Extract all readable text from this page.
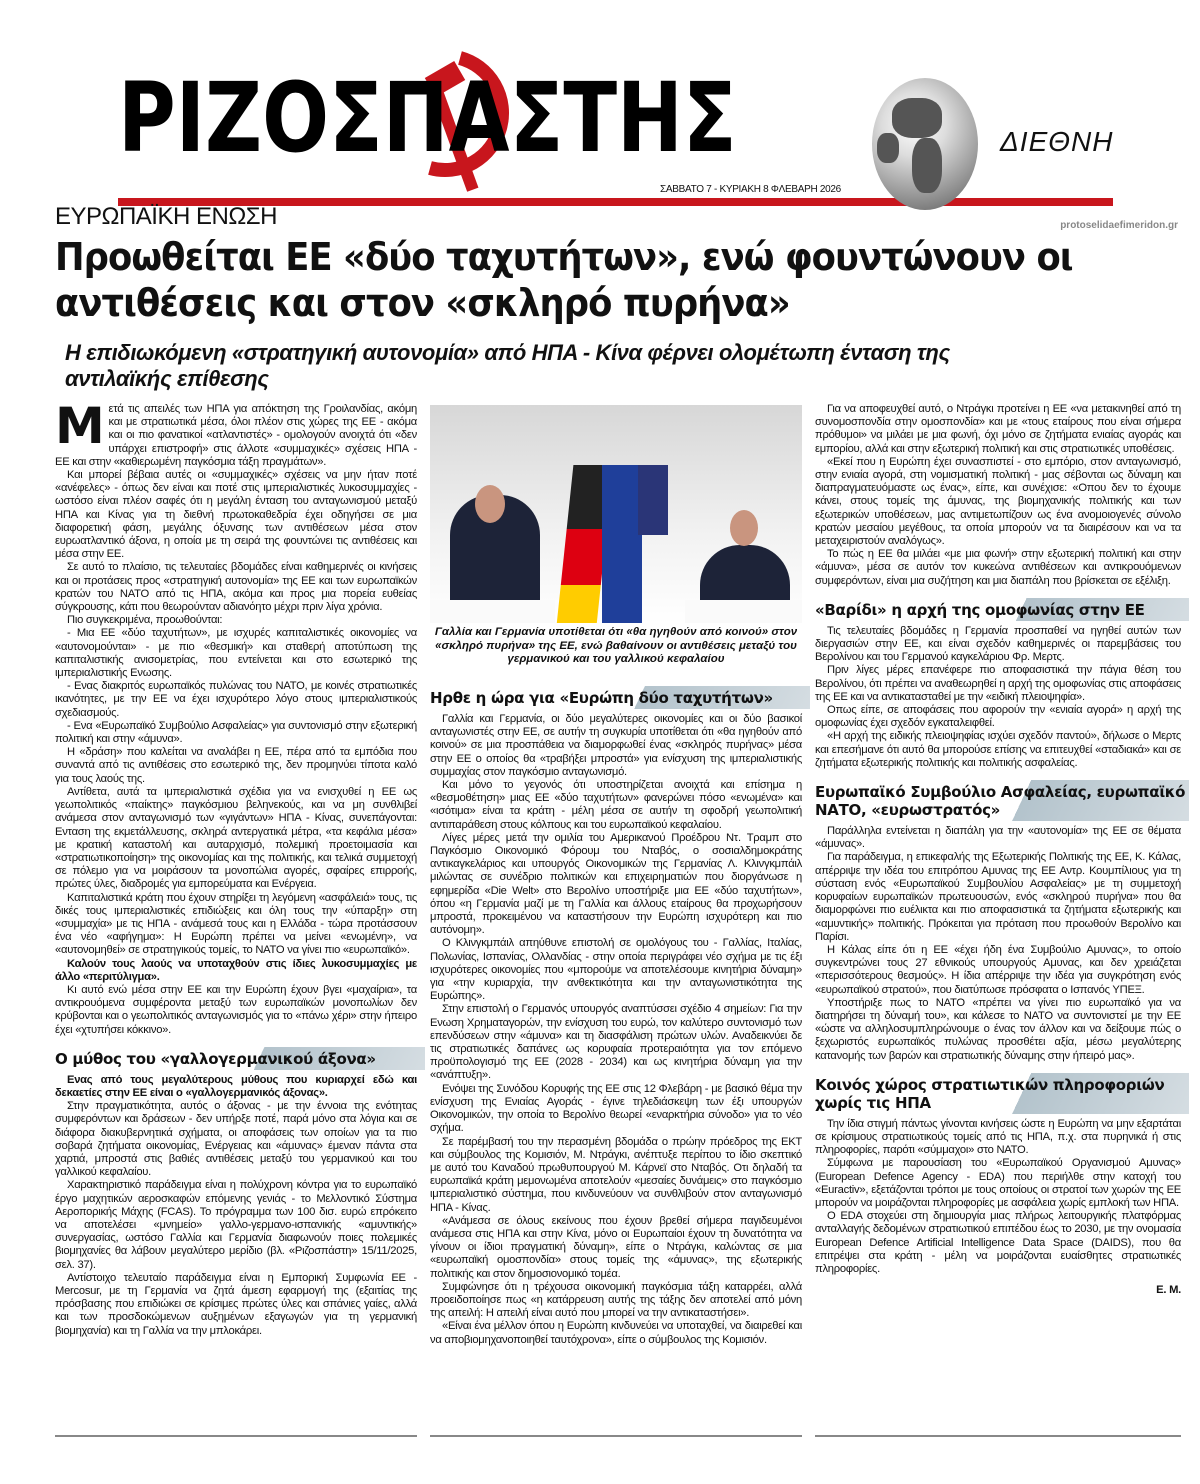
ΡΙΖΟΣΠΑΣΤΗΣ
ΣΑΒΒΑΤΟ 7 - ΚΥΡΙΑΚΗ 8 ΦΛΕΒΑΡΗ 2026
ΔΙΕΘΝΗ
ΕΥΡΩΠΑΪΚΗ ΕΝΩΣΗ
Προωθείται ΕΕ «δύο ταχυτήτων», ενώ φουντώνουν οι αντιθέσεις και στον «σκληρό πυρήνα»
protoselidaefimeridon.gr
Η επιδιωκόμενη «στρατηγική αυτονομία» από ΗΠΑ - Κίνα φέρνει ολομέτωπη ένταση της αντιλαϊκής επίθεσης
Γαλλία και Γερμανία υποτίθεται ότι «θα ηγηθούν από κοινού» στον «σκληρό πυρήνα» της ΕΕ, ενώ βαθαίνουν οι αντιθέσεις μεταξύ του γερμανικού και του γαλλικού κεφαλαίου

Μετά τις απειλές των ΗΠΑ για απόκτηση της Γροιλανδίας, ακόμη και με στρατιωτικά μέσα, όλοι πλέον στις χώρες της ΕΕ - ακόμα και οι πιο φανατικοί «ατλαντιστές» - ομολογούν ανοιχτά ότι «δεν υπάρχει επιστροφή» στις άλλοτε «συμμαχικές» σχέσεις ΗΠΑ - ΕΕ και στην «καθιερωμένη παγκόσμια τάξη πραγμάτων».

Και μπορεί βέβαια αυτές οι «συμμαχικές» σχέσεις να μην ήταν ποτέ «ανέφελες» - όπως δεν είναι και ποτέ στις ιμπεριαλιστικές λυκοσυμμαχίες - ωστόσο είναι πλέον σαφές ότι η μεγάλη ένταση του ανταγωνισμού μεταξύ ΗΠΑ και Κίνας για τη διεθνή πρωτοκαθεδρία έχει οδηγήσει σε μια διαφορετική φάση, μεγάλης όξυνσης των αντιθέσεων μέσα στον ευρωατλαντικό άξονα, η οποία με τη σειρά της φουντώνει τις αντιθέσεις και μέσα στην ΕΕ.

Σε αυτό το πλαίσιο, τις τελευταίες βδομάδες είναι καθημερινές οι κινήσεις και οι προτάσεις προς «στρατηγική αυτονομία» της ΕΕ και των ευρωπαϊκών κρατών του ΝΑΤΟ από τις ΗΠΑ, ακόμα και προς μια πορεία ευθείας σύγκρουσης, κάτι που θεωρούνταν αδιανόητο μέχρι πριν λίγα χρόνια.

Πιο συγκεκριμένα, προωθούνται:

- Μια ΕΕ «δύο ταχυτήτων», με ισχυρές καπιταλιστικές οικονομίες να «αυτονομούνται» - με πιο «θεσμική» και σταθερή αποτύπωση της καπιταλιστικής ανισομετρίας, που εντείνεται και στο εσωτερικό της ιμπεριαλιστικής Ενωσης.

- Ενας διακριτός ευρωπαϊκός πυλώνας του ΝΑΤΟ, με κοινές στρατιωτικές ικανότητες, με την ΕΕ να έχει ισχυρότερο λόγο στους ιμπεριαλιστικούς σχεδιασμούς.

- Ενα «Ευρωπαϊκό Συμβούλιο Ασφαλείας» για συντονισμό στην εξωτερική πολιτική και στην «άμυνα».

Η «δράση» που καλείται να αναλάβει η ΕΕ, πέρα από τα εμπόδια που συναντά από τις αντιθέσεις στο εσωτερικό της, δεν προμηνύει τίποτα καλό για τους λαούς της.

Αντίθετα, αυτά τα ιμπεριαλιστικά σχέδια για να ενισχυθεί η ΕΕ ως γεωπολιτικός «παίκτης» παγκόσμιου βεληνεκούς, και να μη συνθλιβεί ανάμεσα στον ανταγωνισμό των «γιγάντων» ΗΠΑ - Κίνας, συνεπάγονται: Ενταση της εκμετάλλευσης, σκληρά αντεργατικά μέτρα, «τα κεφάλια μέσα» με κρατική καταστολή και αυταρχισμό, πολεμική προετοιμασία και «στρατιωτικοποίηση» της οικονομίας και της πολιτικής, και τελικά συμμετοχή σε πόλεμο για να μοιράσουν τα μονοπώλια αγορές, σφαίρες επιρροής, πρώτες ύλες, διαδρομές για εμπορεύματα και Ενέργεια.

Καπιταλιστικά κράτη που έχουν στηρίξει τη λεγόμενη «ασφάλειά» τους, τις δικές τους ιμπεριαλιστικές επιδιώξεις και όλη τους την «ύπαρξη» στη «συμμαχία» με τις ΗΠΑ - ανάμεσά τους και η Ελλάδα - τώρα προτάσσουν ένα νέο «αφήγημα»: Η Ευρώπη πρέπει να μείνει «ενωμένη», να «αυτονομηθεί» σε στρατηγικούς τομείς, το ΝΑΤΟ να γίνει πιο «ευρωπαϊκό».

Καλούν τους λαούς να υποταχθούν στις ίδιες λυκοσυμμαχίες με άλλο «περιτύλιγμα».

Κι αυτό ενώ μέσα στην ΕΕ και την Ευρώπη έχουν βγει «μαχαίρια», τα αντικρουόμενα συμφέροντα μεταξύ των ευρωπαϊκών μονοπωλίων δεν κρύβονται και ο γεωπολιτικός ανταγωνισμός για το «πάνω χέρι» στην ήπειρο έχει «χτυπήσει κόκκινο».

Ο μύθος του «γαλλογερμανικού άξονα»

Ενας από τους μεγαλύτερους μύθους που κυριαρχεί εδώ και δεκαετίες στην ΕΕ είναι ο «γαλλογερμανικός άξονας».

Στην πραγματικότητα, αυτός ο άξονας - με την έννοια της ενότητας συμφερόντων και δράσεων - δεν υπήρξε ποτέ, παρά μόνο στα λόγια και σε διάφορα διακυβερνητικά σχήματα, οι αποφάσεις των οποίων για τα πιο σοβαρά ζητήματα οικονομίας, Ενέργειας και «άμυνας» έμεναν πάντα στα χαρτιά, μπροστά στις βαθιές αντιθέσεις μεταξύ του γερμανικού και του γαλλικού κεφαλαίου.

Χαρακτηριστικό παράδειγμα είναι η πολύχρονη κόντρα για το ευρωπαϊκό έργο μαχητικών αεροσκαφών επόμενης γενιάς - το Μελλοντικό Σύστημα Αεροπορικής Μάχης (FCAS). Το πρόγραμμα των 100 δισ. ευρώ επρόκειτο να αποτελέσει «μνημείο» γαλλο-γερμανο-ισπανικής «αμυντικής» συνεργασίας, ωστόσο Γαλλία και Γερμανία διαφωνούν ποιες πολεμικές βιομηχανίες θα λάβουν μεγαλύτερο μερίδιο (βλ. «Ριζοσπάστη» 15/11/2025, σελ. 37).

Αντίστοιχο τελευταίο παράδειγμα είναι η Εμπορική Συμφωνία ΕΕ - Mercosur, με τη Γερμανία να ζητά άμεση εφαρμογή της (εξαιτίας της πρόσβασης που επιδιώκει σε κρίσιμες πρώτες ύλες και σπάνιες γαίες, αλλά και των προσδοκώμενων αυξημένων εξαγωγών για τη γερμανική βιομηχανία) και τη Γαλλία να την μπλοκάρει.

Ηρθε η ώρα για «Ευρώπη δύο ταχυτήτων»

Γαλλία και Γερμανία, οι δύο μεγαλύτερες οικονομίες και οι δύο βασικοί ανταγωνιστές στην ΕΕ, σε αυτήν τη συγκυρία υποτίθεται ότι «θα ηγηθούν από κοινού» σε μια προσπάθεια να διαμορφωθεί ένας «σκληρός πυρήνας» μέσα στην ΕΕ ο οποίος θα «τραβήξει μπροστά» για ενίσχυση της ιμπεριαλιστικής συμμαχίας στον παγκόσμιο ανταγωνισμό.

Και μόνο το γεγονός ότι υποστηρίζεται ανοιχτά και επίσημα η «θεσμοθέτηση» μιας ΕΕ «δύο ταχυτήτων» φανερώνει πόσο «ενωμένα» και «ισότιμα» είναι τα κράτη - μέλη μέσα σε αυτήν τη σφοδρή γεωπολιτική αντιπαράθεση στους κόλπους και του ευρωπαϊκού κεφαλαίου.

Λίγες μέρες μετά την ομιλία του Αμερικανού Προέδρου Ντ. Τραμπ στο Παγκόσμιο Οικονομικό Φόρουμ του Νταβός, ο σοσιαλδημοκράτης αντικαγκελάριος και υπουργός Οικονομικών της Γερμανίας Λ. Κλινγκμπάιλ μιλώντας σε συνέδριο πολιτικών και επιχειρηματιών που διοργάνωσε η εφημερίδα «Die Welt» στο Βερολίνο υποστήριξε μια ΕΕ «δύο ταχυτήτων», όπου «η Γερμανία μαζί με τη Γαλλία και άλλους εταίρους θα προχωρήσουν μπροστά, προκειμένου να καταστήσουν την Ευρώπη ισχυρότερη και πιο αυτόνομη».

Ο Κλινγκμπάιλ απηύθυνε επιστολή σε ομολόγους του - Γαλλίας, Ιταλίας, Πολωνίας, Ισπανίας, Ολλανδίας - στην οποία περιγράφει νέο σχήμα με τις έξι ισχυρότερες οικονομίες που «μπορούμε να αποτελέσουμε κινητήρια δύναμη» για «την κυριαρχία, την ανθεκτικότητα και την ανταγωνιστικότητα της Ευρώπης».

Στην επιστολή ο Γερμανός υπουργός αναπτύσσει σχέδιο 4 σημείων: Για την Ενωση Χρηματαγορών, την ενίσχυση του ευρώ, τον καλύτερο συντονισμό των επενδύσεων στην «άμυνα» και τη διασφάλιση πρώτων υλών. Αναδεικνύει δε τις στρατιωτικές δαπάνες ως κορυφαία προτεραιότητα για τον επόμενο προϋπολογισμό της ΕΕ (2028 - 2034) και ως κινητήρια δύναμη για την «ανάπτυξη».

Ενόψει της Συνόδου Κορυφής της ΕΕ στις 12 Φλεβάρη - με βασικό θέμα την ενίσχυση της Ενιαίας Αγοράς - έγινε τηλεδιάσκεψη των έξι υπουργών Οικονομικών, την οποία το Βερολίνο θεωρεί «εναρκτήρια σύνοδο» για το νέο σχήμα.

Σε παρέμβασή του την περασμένη βδομάδα ο πρώην πρόεδρος της ΕΚΤ και σύμβουλος της Κομισιόν, Μ. Ντράγκι, ανέπτυξε περίπου το ίδιο σκεπτικό με αυτό του Καναδού πρωθυπουργού Μ. Κάρνεϊ στο Νταβός. Οτι δηλαδή τα ευρωπαϊκά κράτη μεμονωμένα αποτελούν «μεσαίες δυνάμεις» στο παγκόσμιο ιμπεριαλιστικό σύστημα, που κινδυνεύουν να συνθλιβούν στον ανταγωνισμό ΗΠΑ - Κίνας.

«Ανάμεσα σε όλους εκείνους που έχουν βρεθεί σήμερα παγιδευμένοι ανάμεσα στις ΗΠΑ και στην Κίνα, μόνο οι Ευρωπαίοι έχουν τη δυνατότητα να γίνουν οι ίδιοι πραγματική δύναμη», είπε ο Ντράγκι, καλώντας σε μια «ευρωπαϊκή ομοσπονδία» στους τομείς της «άμυνας», της εξωτερικής πολιτικής και στον δημοσιονομικό τομέα.

Συμφώνησε ότι η τρέχουσα οικονομική παγκόσμια τάξη καταρρέει, αλλά προειδοποίησε πως «η κατάρρευση αυτής της τάξης δεν αποτελεί από μόνη της απειλή: Η απειλή είναι αυτό που μπορεί να την αντικαταστήσει».

«Είναι ένα μέλλον όπου η Ευρώπη κινδυνεύει να υποταχθεί, να διαιρεθεί και να αποβιομηχανοποιηθεί ταυτόχρονα», είπε ο σύμβουλος της Κομισιόν.

Για να αποφευχθεί αυτό, ο Ντράγκι προτείνει η ΕΕ «να μετακινηθεί από τη συνομοσπονδία στην ομοσπονδία» και με «τους εταίρους που είναι σήμερα πρόθυμοι» να μιλάει με μια φωνή, όχι μόνο σε ζητήματα ενιαίας αγοράς και εμπορίου, αλλά και στην εξωτερική πολιτική και στις στρατιωτικές υποθέσεις.

«Εκεί που η Ευρώπη έχει συνασπιστεί - στο εμπόριο, στον ανταγωνισμό, στην ενιαία αγορά, στη νομισματική πολιτική - μας σέβονται ως δύναμη και διαπραγματευόμαστε ως ένας», είπε, και συνέχισε: «Οπου δεν το έχουμε κάνει, στους τομείς της άμυνας, της βιομηχανικής πολιτικής και των εξωτερικών υποθέσεων, μας αντιμετωπίζουν ως ένα ανομοιογενές σύνολο κρατών μεσαίου μεγέθους, τα οποία μπορούν να τα διαιρέσουν και να τα μεταχειριστούν αναλόγως».

Το πώς η ΕΕ θα μιλάει «με μια φωνή» στην εξωτερική πολιτική και στην «άμυνα», μέσα σε αυτόν τον κυκεώνα αντιθέσεων και αντικρουόμενων συμφερόντων, είναι μια συζήτηση και μια διαπάλη που βρίσκεται σε εξέλιξη.

«Βαρίδι» η αρχή της ομοφωνίας στην ΕΕ

Τις τελευταίες βδομάδες η Γερμανία προσπαθεί να ηγηθεί αυτών των διεργασιών στην ΕΕ, και είναι σχεδόν καθημερινές οι παρεμβάσεις του Βερολίνου και του Γερμανού καγκελάριου Φρ. Μερτς.

Πριν λίγες μέρες επανέφερε πιο αποφασιστικά την πάγια θέση του Βερολίνου, ότι πρέπει να αναθεωρηθεί η αρχή της ομοφωνίας στις αποφάσεις της ΕΕ και να αντικατασταθεί με την «ειδική πλειοψηφία».

Οπως είπε, σε αποφάσεις που αφορούν την «ενιαία αγορά» η αρχή της ομοφωνίας έχει σχεδόν εγκαταλειφθεί.

«Η αρχή της ειδικής πλειοψηφίας ισχύει σχεδόν παντού», δήλωσε ο Μερτς και επεσήμανε ότι αυτό θα μπορούσε επίσης να επιτευχθεί «σταδιακά» και σε ζητήματα εξωτερικής πολιτικής και πολιτικής ασφαλείας.

Ευρωπαϊκό Συμβούλιο Ασφαλείας, ευρωπαϊκό ΝΑΤΟ, «ευρωστρατός»

Παράλληλα εντείνεται η διαπάλη για την «αυτονομία» της ΕΕ σε θέματα «άμυνας».

Για παράδειγμα, η επικεφαλής της Εξωτερικής Πολιτικής της ΕΕ, Κ. Κάλας, απέρριψε την ιδέα του επιτρόπου Αμυνας της ΕΕ Αντρ. Κουμπίλιους για τη σύσταση ενός «Ευρωπαϊκού Συμβουλίου Ασφαλείας» με τη συμμετοχή κορυφαίων ευρωπαϊκών πρωτευουσών, ενός «σκληρού πυρήνα» που θα διαμορφώνει πιο ευέλικτα και πιο αποφασιστικά τα ζητήματα εξωτερικής και «αμυντικής» πολιτικής. Πρόκειται για πρόταση που προωθούν Βερολίνο και Παρίσι.

Η Κάλας είπε ότι η ΕΕ «έχει ήδη ένα Συμβούλιο Αμυνας», το οποίο συγκεντρώνει τους 27 εθνικούς υπουργούς Αμυνας, και δεν χρειάζεται «περισσότερους θεσμούς». Η ίδια απέρριψε την ιδέα για συγκρότηση ενός «ευρωπαϊκού στρατού», που διατύπωσε πρόσφατα ο Ισπανός ΥΠΕΞ.

Υποστήριξε πως το ΝΑΤΟ «πρέπει να γίνει πιο ευρωπαϊκό για να διατηρήσει τη δύναμή του», και κάλεσε το ΝΑΤΟ να συντονιστεί με την ΕΕ «ώστε να αλληλοσυμπληρώνουμε ο ένας τον άλλον και να δείξουμε πώς ο ξεχωριστός ευρωπαϊκός πυλώνας προσθέτει αξία, μέσω μεγαλύτερης κατανομής των βαρών και στρατιωτικής δύναμης στην ήπειρό μας».

Κοινός χώρος στρατιωτικών πληροφοριών χωρίς τις ΗΠΑ

Την ίδια στιγμή πάντως γίνονται κινήσεις ώστε η Ευρώπη να μην εξαρτάται σε κρίσιμους στρατιωτικούς τομείς από τις ΗΠΑ, π.χ. στα πυρηνικά ή στις πληροφορίες, παρότι «σύμμαχοι» στο ΝΑΤΟ.

Σύμφωνα με παρουσίαση του «Ευρωπαϊκού Οργανισμού Αμυνας» (European Defence Agency - EDA) που περιήλθε στην κατοχή του «Euractiv», εξετάζονται τρόποι με τους οποίους οι στρατοί των χωρών της ΕΕ μπορούν να μοιράζονται πληροφορίες με ασφάλεια χωρίς εμπλοκή των ΗΠΑ.

Ο EDA στοχεύει στη δημιουργία μιας πλήρως λειτουργικής πλατφόρμας ανταλλαγής δεδομένων στρατιωτικού επιπέδου έως το 2030, με την ονομασία European Defence Artificial Intelligence Data Space (DAIDS), που θα επιτρέψει στα κράτη - μέλη να μοιράζονται ευαίσθητες στρατιωτικές πληροφορίες.

Ε. Μ.
